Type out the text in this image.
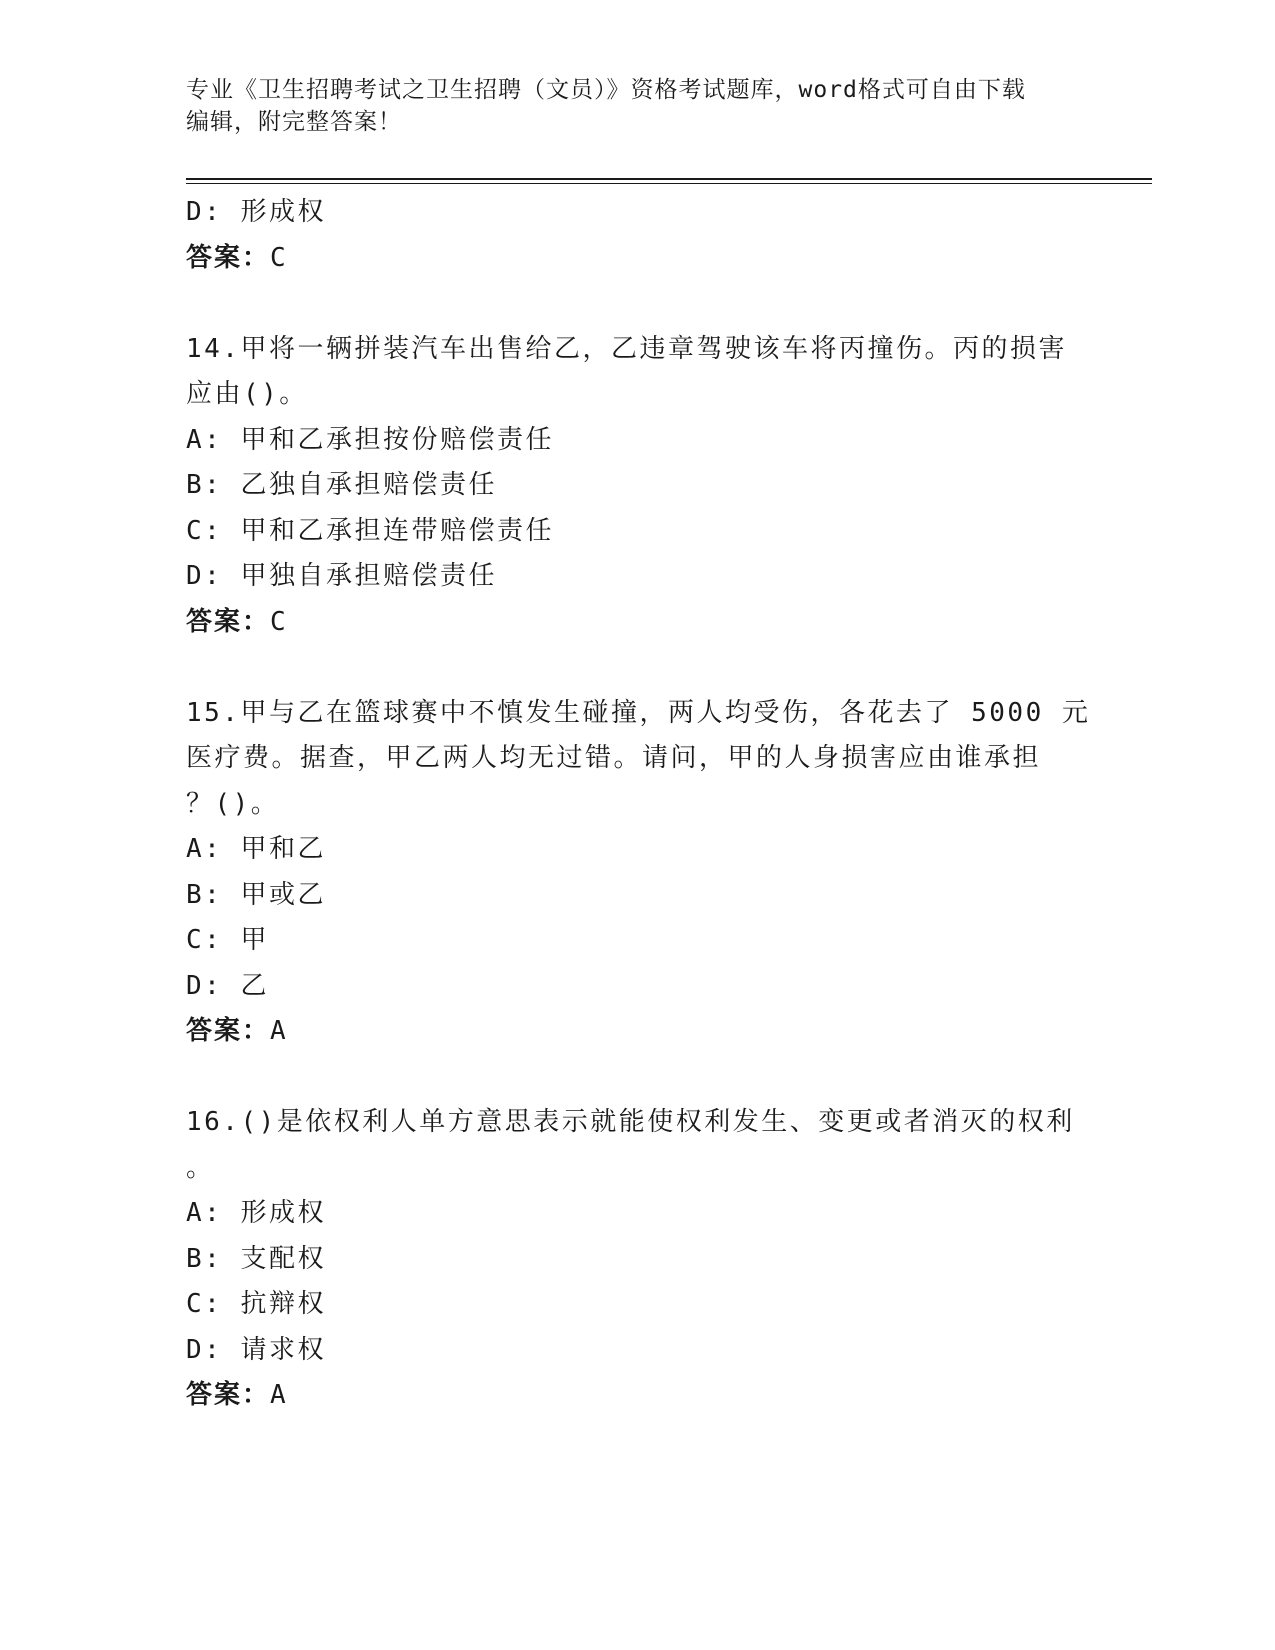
专业《卫生招聘考试之卫生招聘（文员）》资格考试题库，word格式可自由下载
编辑，附完整答案！
D: 形成权
答案：C
14.甲将一辆拼装汽车出售给乙，乙违章驾驶该车将丙撞伤。丙的损害
应由()。
A: 甲和乙承担按份赔偿责任
B: 乙独自承担赔偿责任
C: 甲和乙承担连带赔偿责任
D: 甲独自承担赔偿责任
答案：C
15.甲与乙在篮球赛中不慎发生碰撞，两人均受伤，各花去了 5000 元
医疗费。据查，甲乙两人均无过错。请问，甲的人身损害应由谁承担
？()。
A: 甲和乙
B: 甲或乙
C: 甲
D: 乙
答案：A
16.()是依权利人单方意思表示就能使权利发生、变更或者消灭的权利
。
A: 形成权
B: 支配权
C: 抗辩权
D: 请求权
答案：A
